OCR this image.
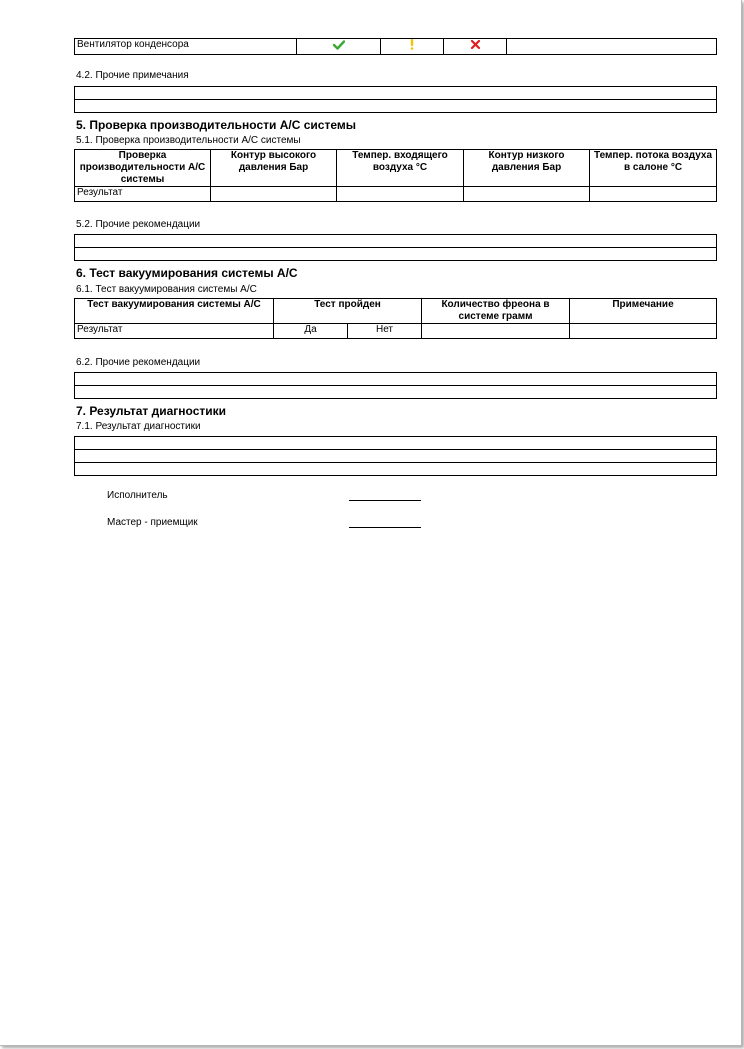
Вентилятор конденсора				
4.2. Прочие примечания

5. Проверка производительности А/С системы
5.1. Проверка производительности А/С системы
Проверка производительности А/С системы	Контур высокого давления Бар	Темпер. входящего воздуха °С	Контур низкого давления Бар	Темпер. потока воздуха в салоне °С
Результат				
5.2. Прочие рекомендации

6. Тест вакуумирования системы А/С
6.1. Тест вакуумирования системы А/С
Тест вакуумирования системы А/С	Тест пройден		Количество фреона в системе грамм	Примечание
Результат	Да	Нет		
6.2. Прочие рекомендации

7. Результат диагностики
7.1. Результат диагностики

Исполнитель
Мастер - приемщик
